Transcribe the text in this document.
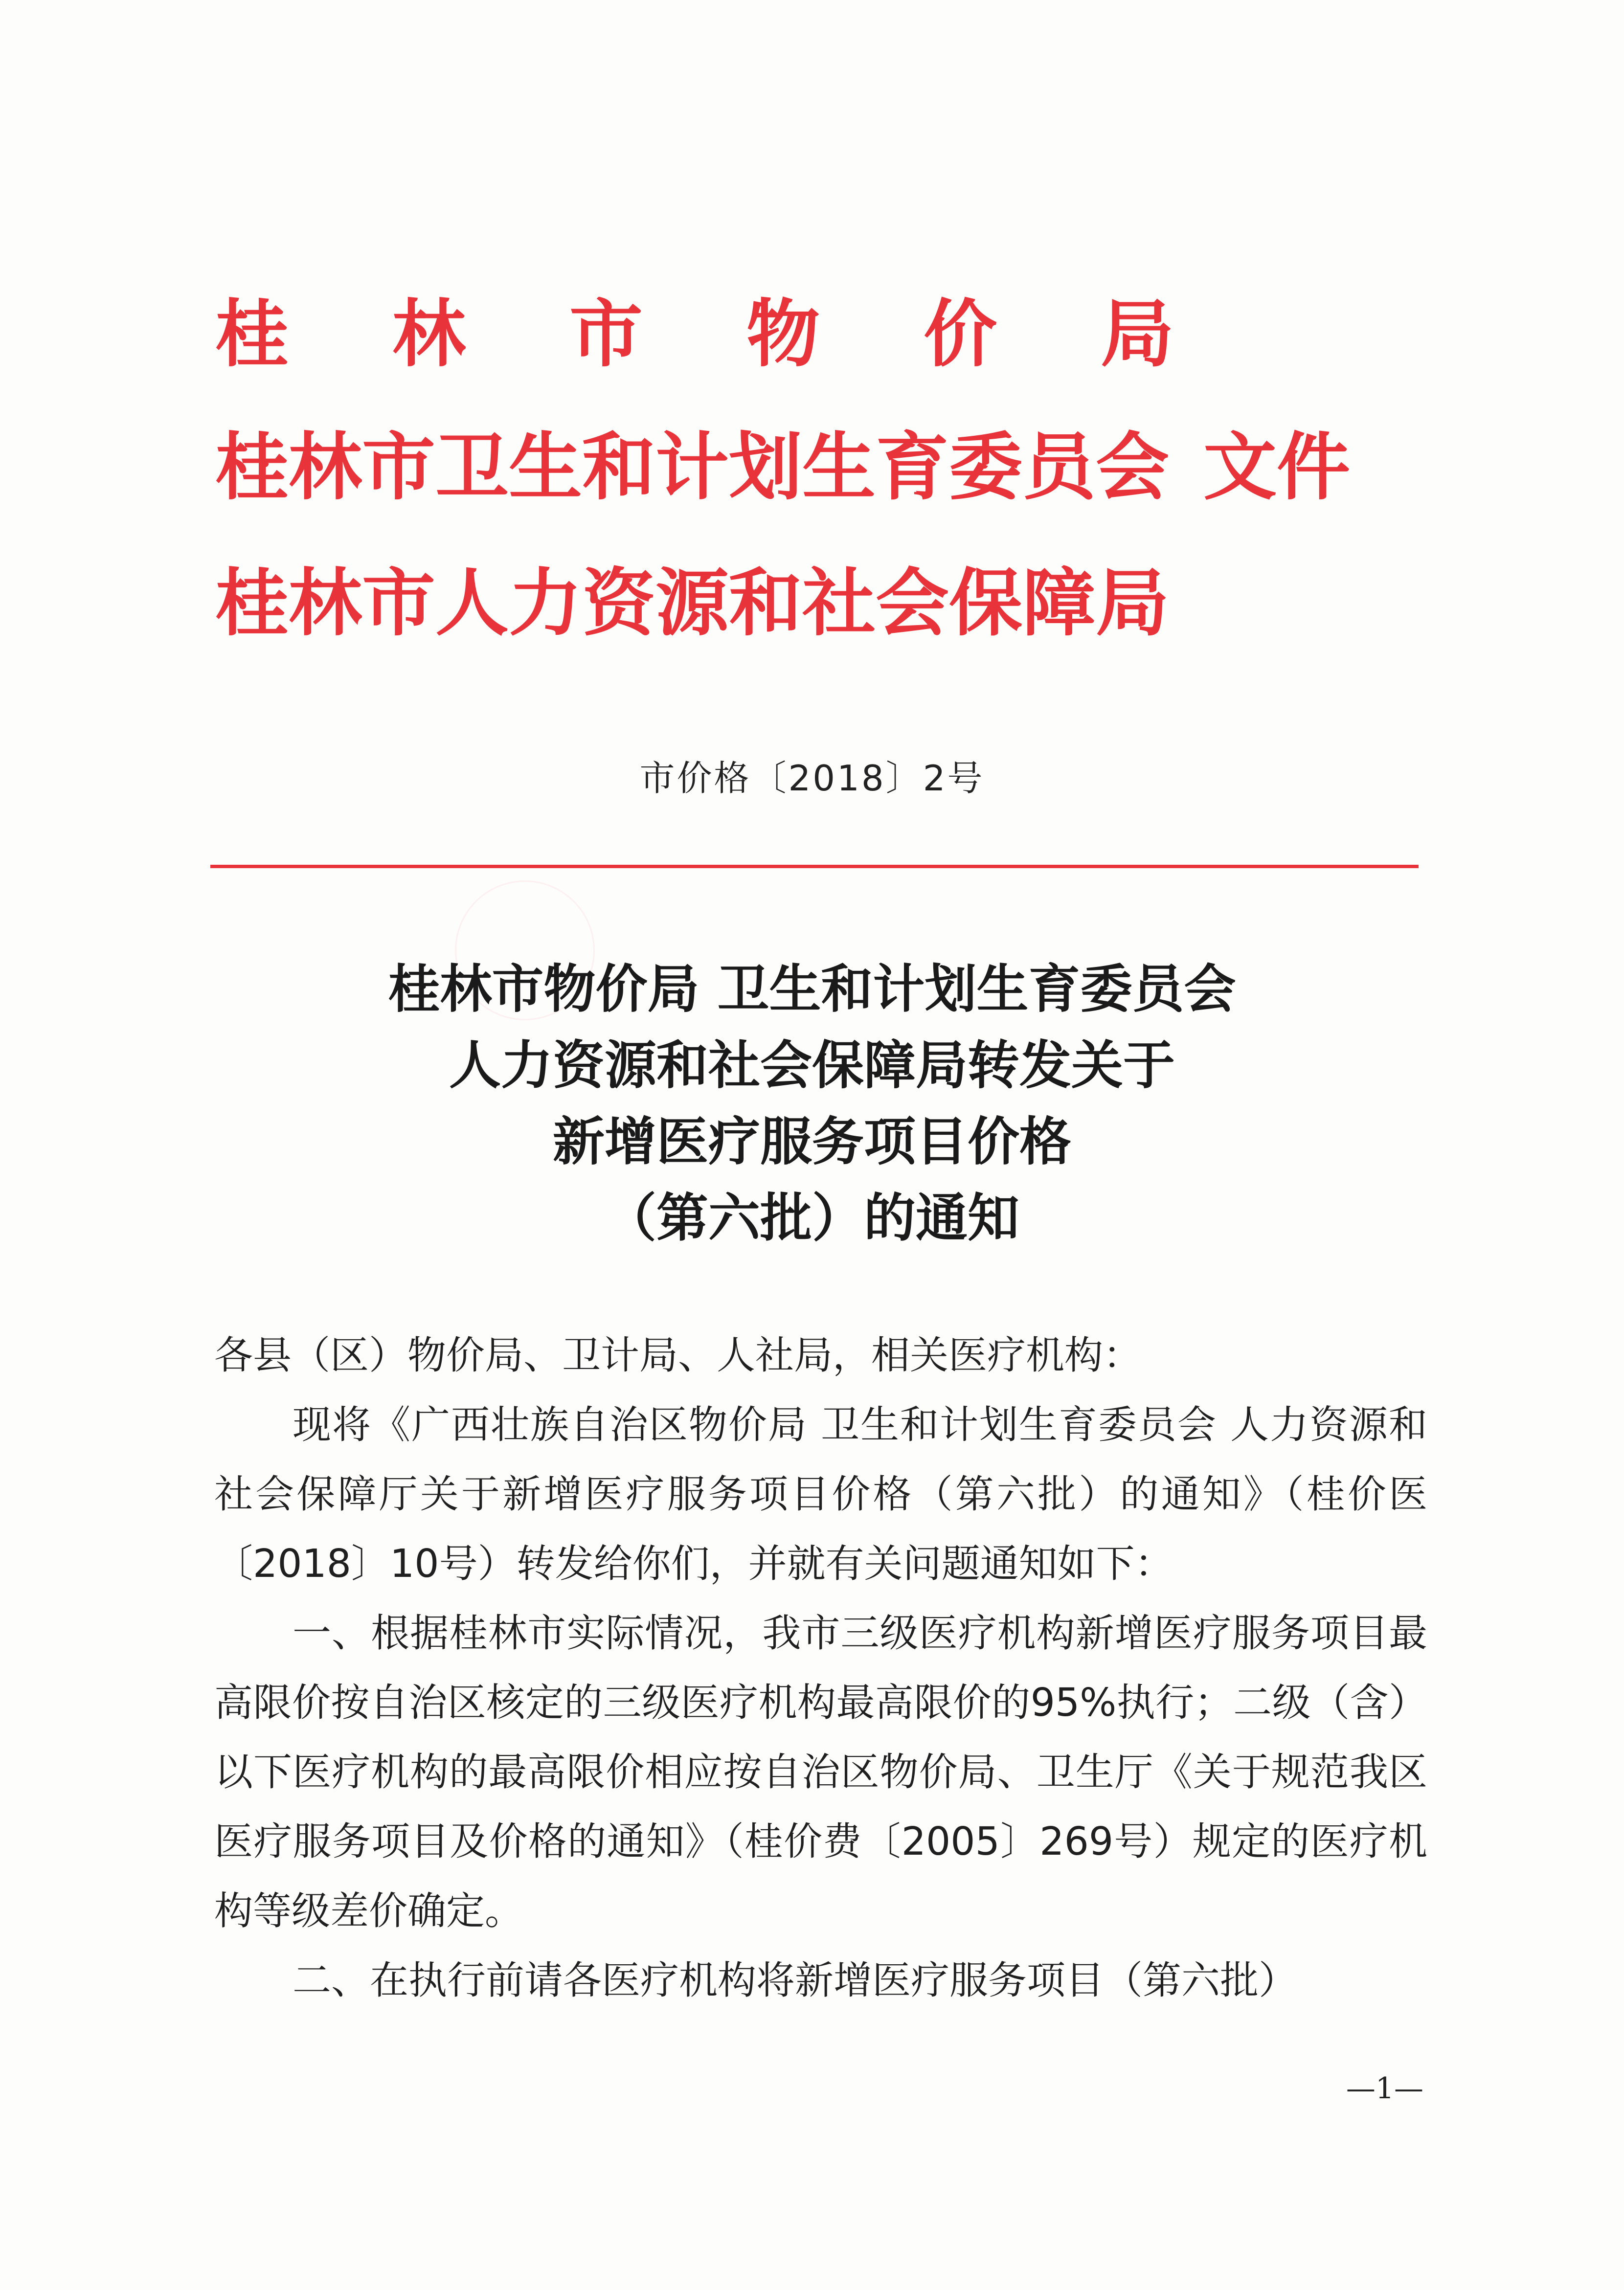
桂林市物价局
桂林市卫生和计划生育委员会 文件
桂林市人力资源和社会保障局
市价格〔2018〕2号
桂林市物价局 卫生和计划生育委员会
人力资源和社会保障局转发关于
新增医疗服务项目价格
（第六批）的通知

各县（区）物价局、卫计局、人社局，相关医疗机构：

现将《广西壮族自治区物价局 卫生和计划生育委员会 人力资源和社会保障厅关于新增医疗服务项目价格（第六批）的通知》（桂价医〔2018〕10号）转发给你们，并就有关问题通知如下：

一、根据桂林市实际情况，我市三级医疗机构新增医疗服务项目最高限价按自治区核定的三级医疗机构最高限价的95%执行；二级（含）以下医疗机构的最高限价相应按自治区物价局、卫生厅《关于规范我区医疗服务项目及价格的通知》（桂价费〔2005〕269号）规定的医疗机构等级差价确定。

二、在执行前请各医疗机构将新增医疗服务项目（第六批）

—1—
